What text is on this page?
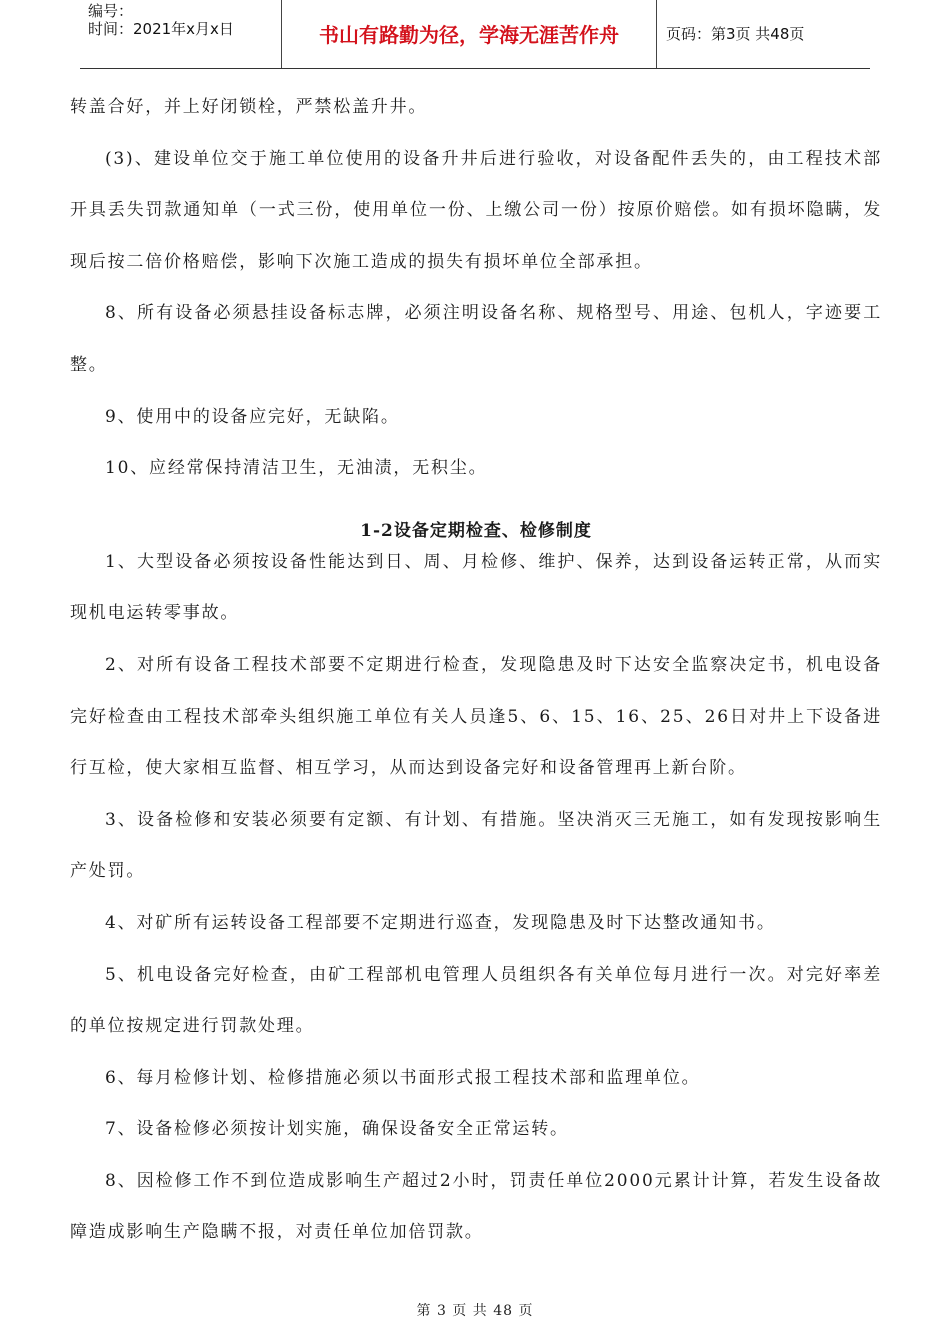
编号：
时间：2021年x月x日	书山有路勤为径，学海无涯苦作舟	页码：第3页 共48页

转盖合好，并上好闭锁栓，严禁松盖升井。

(3)、建设单位交于施工单位使用的设备升井后进行验收，对设备配件丢失的，由工程技术部开具丢失罚款通知单（一式三份，使用单位一份、上缴公司一份）按原价赔偿。如有损坏隐瞒，发现后按二倍价格赔偿，影响下次施工造成的损失有损坏单位全部承担。

8、所有设备必须悬挂设备标志牌，必须注明设备名称、规格型号、用途、包机人，字迹要工整。

9、使用中的设备应完好，无缺陷。

10、应经常保持清洁卫生，无油渍，无积尘。

1-2设备定期检查、检修制度

1、大型设备必须按设备性能达到日、周、月检修、维护、保养，达到设备运转正常，从而实现机电运转零事故。

2、对所有设备工程技术部要不定期进行检查，发现隐患及时下达安全监察决定书，机电设备完好检查由工程技术部牵头组织施工单位有关人员逢5、6、15、16、25、26日对井上下设备进行互检，使大家相互监督、相互学习，从而达到设备完好和设备管理再上新台阶。

3、设备检修和安装必须要有定额、有计划、有措施。坚决消灭三无施工，如有发现按影响生产处罚。

4、对矿所有运转设备工程部要不定期进行巡查，发现隐患及时下达整改通知书。

5、机电设备完好检查，由矿工程部机电管理人员组织各有关单位每月进行一次。对完好率差的单位按规定进行罚款处理。

6、每月检修计划、检修措施必须以书面形式报工程技术部和监理单位。

7、设备检修必须按计划实施，确保设备安全正常运转。

8、因检修工作不到位造成影响生产超过2小时，罚责任单位2000元累计计算，若发生设备故障造成影响生产隐瞒不报，对责任单位加倍罚款。

第 3 页 共 48 页
